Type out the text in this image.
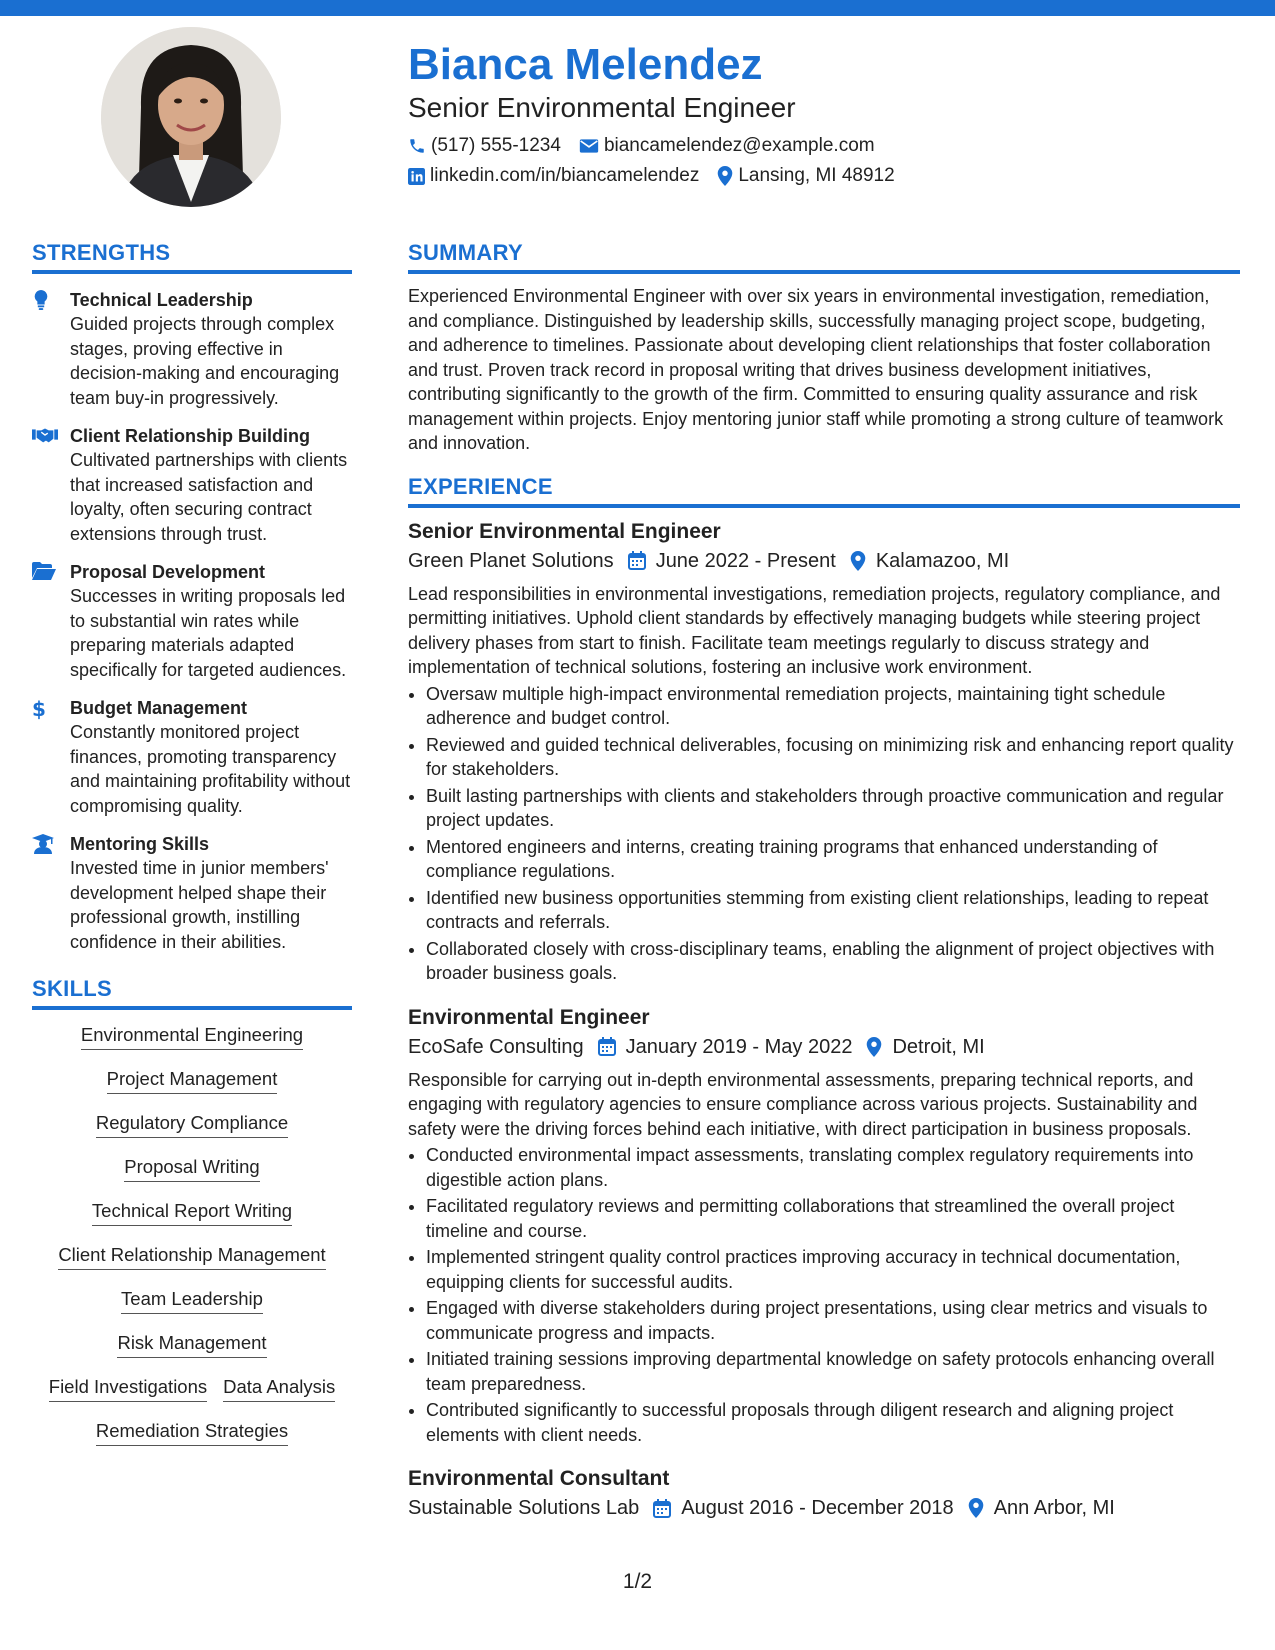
Bianca Melendez
Senior Environmental Engineer
(517) 555-1234 biancamelendez@example.com
linkedin.com/in/biancamelendez Lansing, MI 48912
STRENGTHS
Technical Leadership
Guided projects through complex stages, proving effective in decision-making and encouraging team buy-in progressively.
Client Relationship Building
Cultivated partnerships with clients that increased satisfaction and loyalty, often securing contract extensions through trust.
Proposal Development
Successes in writing proposals led to substantial win rates while preparing materials adapted specifically for targeted audiences.
$ Budget Management
Constantly monitored project finances, promoting transparency and maintaining profitability without compromising quality.
Mentoring Skills
Invested time in junior members' development helped shape their professional growth, instilling confidence in their abilities.
SKILLS
Environmental Engineering
Project Management
Regulatory Compliance
Proposal Writing
Technical Report Writing
Client Relationship Management
Team Leadership
Risk Management
Field Investigations Data Analysis
Remediation Strategies
SUMMARY
Experienced Environmental Engineer with over six years in environmental investigation, remediation, and compliance. Distinguished by leadership skills, successfully managing project scope, budgeting, and adherence to timelines. Passionate about developing client relationships that foster collaboration and trust. Proven track record in proposal writing that drives business development initiatives, contributing significantly to the growth of the firm. Committed to ensuring quality assurance and risk management within projects. Enjoy mentoring junior staff while promoting a strong culture of teamwork and innovation.
EXPERIENCE
Senior Environmental Engineer
Green Planet Solutions June 2022 - Present Kalamazoo, MI
Lead responsibilities in environmental investigations, remediation projects, regulatory compliance, and permitting initiatives. Uphold client standards by effectively managing budgets while steering project delivery phases from start to finish. Facilitate team meetings regularly to discuss strategy and implementation of technical solutions, fostering an inclusive work environment.
• Oversaw multiple high-impact environmental remediation projects, maintaining tight schedule adherence and budget control.
• Reviewed and guided technical deliverables, focusing on minimizing risk and enhancing report quality for stakeholders.
• Built lasting partnerships with clients and stakeholders through proactive communication and regular project updates.
• Mentored engineers and interns, creating training programs that enhanced understanding of compliance regulations.
• Identified new business opportunities stemming from existing client relationships, leading to repeat contracts and referrals.
• Collaborated closely with cross-disciplinary teams, enabling the alignment of project objectives with broader business goals.
Environmental Engineer
EcoSafe Consulting January 2019 - May 2022 Detroit, MI
Responsible for carrying out in-depth environmental assessments, preparing technical reports, and engaging with regulatory agencies to ensure compliance across various projects. Sustainability and safety were the driving forces behind each initiative, with direct participation in business proposals.
• Conducted environmental impact assessments, translating complex regulatory requirements into digestible action plans.
• Facilitated regulatory reviews and permitting collaborations that streamlined the overall project timeline and course.
• Implemented stringent quality control practices improving accuracy in technical documentation, equipping clients for successful audits.
• Engaged with diverse stakeholders during project presentations, using clear metrics and visuals to communicate progress and impacts.
• Initiated training sessions improving departmental knowledge on safety protocols enhancing overall team preparedness.
• Contributed significantly to successful proposals through diligent research and aligning project elements with client needs.
Environmental Consultant
Sustainable Solutions Lab August 2016 - December 2018 Ann Arbor, MI
1/2
